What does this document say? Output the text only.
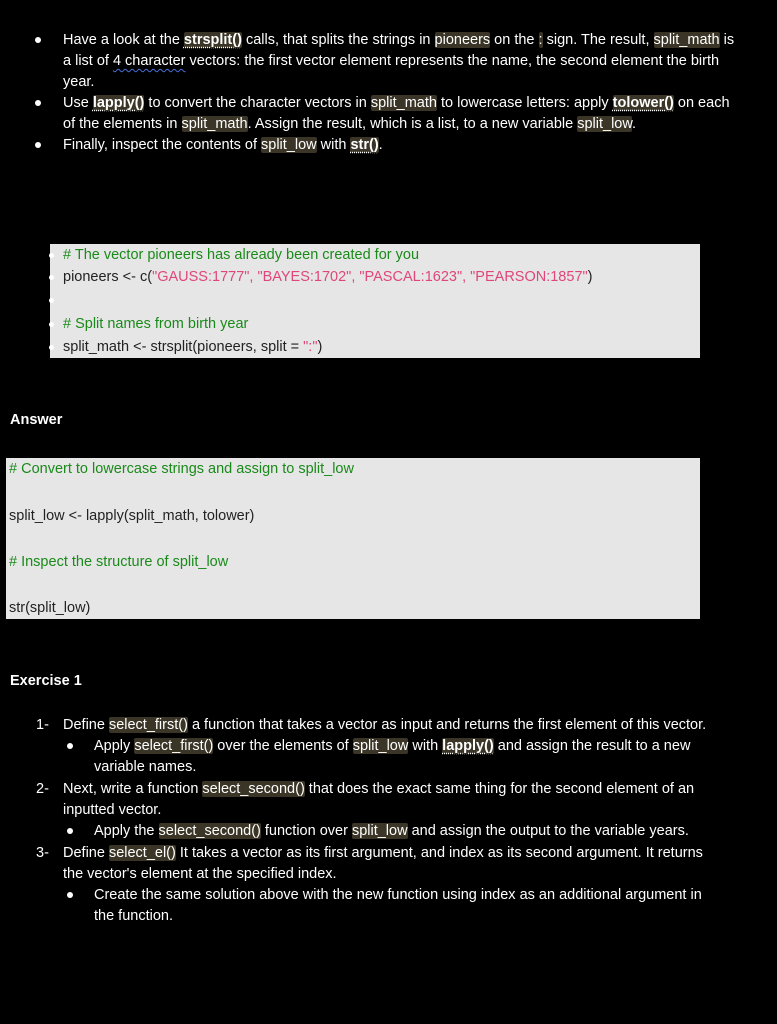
Have a look at the strsplit() calls, that splits the strings in pioneers on the : sign. The result, split_math is a list of 4 character vectors: the first vector element represents the name, the second element the birth year.
Use lapply() to convert the character vectors in split_math to lowercase letters: apply tolower() on each of the elements in split_math. Assign the result, which is a list, to a new variable split_low.
Finally, inspect the contents of split_low with str().
# The vector pioneers has already been created for you
pioneers <- c("GAUSS:1777", "BAYES:1702", "PASCAL:1623", "PEARSON:1857")
# Split names from birth year
split_math <- strsplit(pioneers, split = ":")
Answer
# Convert to lowercase strings and assign to split_low
split_low <- lapply(split_math, tolower)
# Inspect the structure of split_low
str(split_low)
Exercise 1
1- Define select_first() a function that takes a vector as input and returns the first element of this vector.
Apply select_first() over the elements of split_low with lapply() and assign the result to a new variable names.
2- Next, write a function select_second() that does the exact same thing for the second element of an inputted vector.
Apply the select_second() function over split_low and assign the output to the variable years.
3- Define select_el() It takes a vector as its first argument, and index as its second argument. It returns the vector's element at the specified index.
Create the same solution above with the new function using index as an additional argument in the function.
